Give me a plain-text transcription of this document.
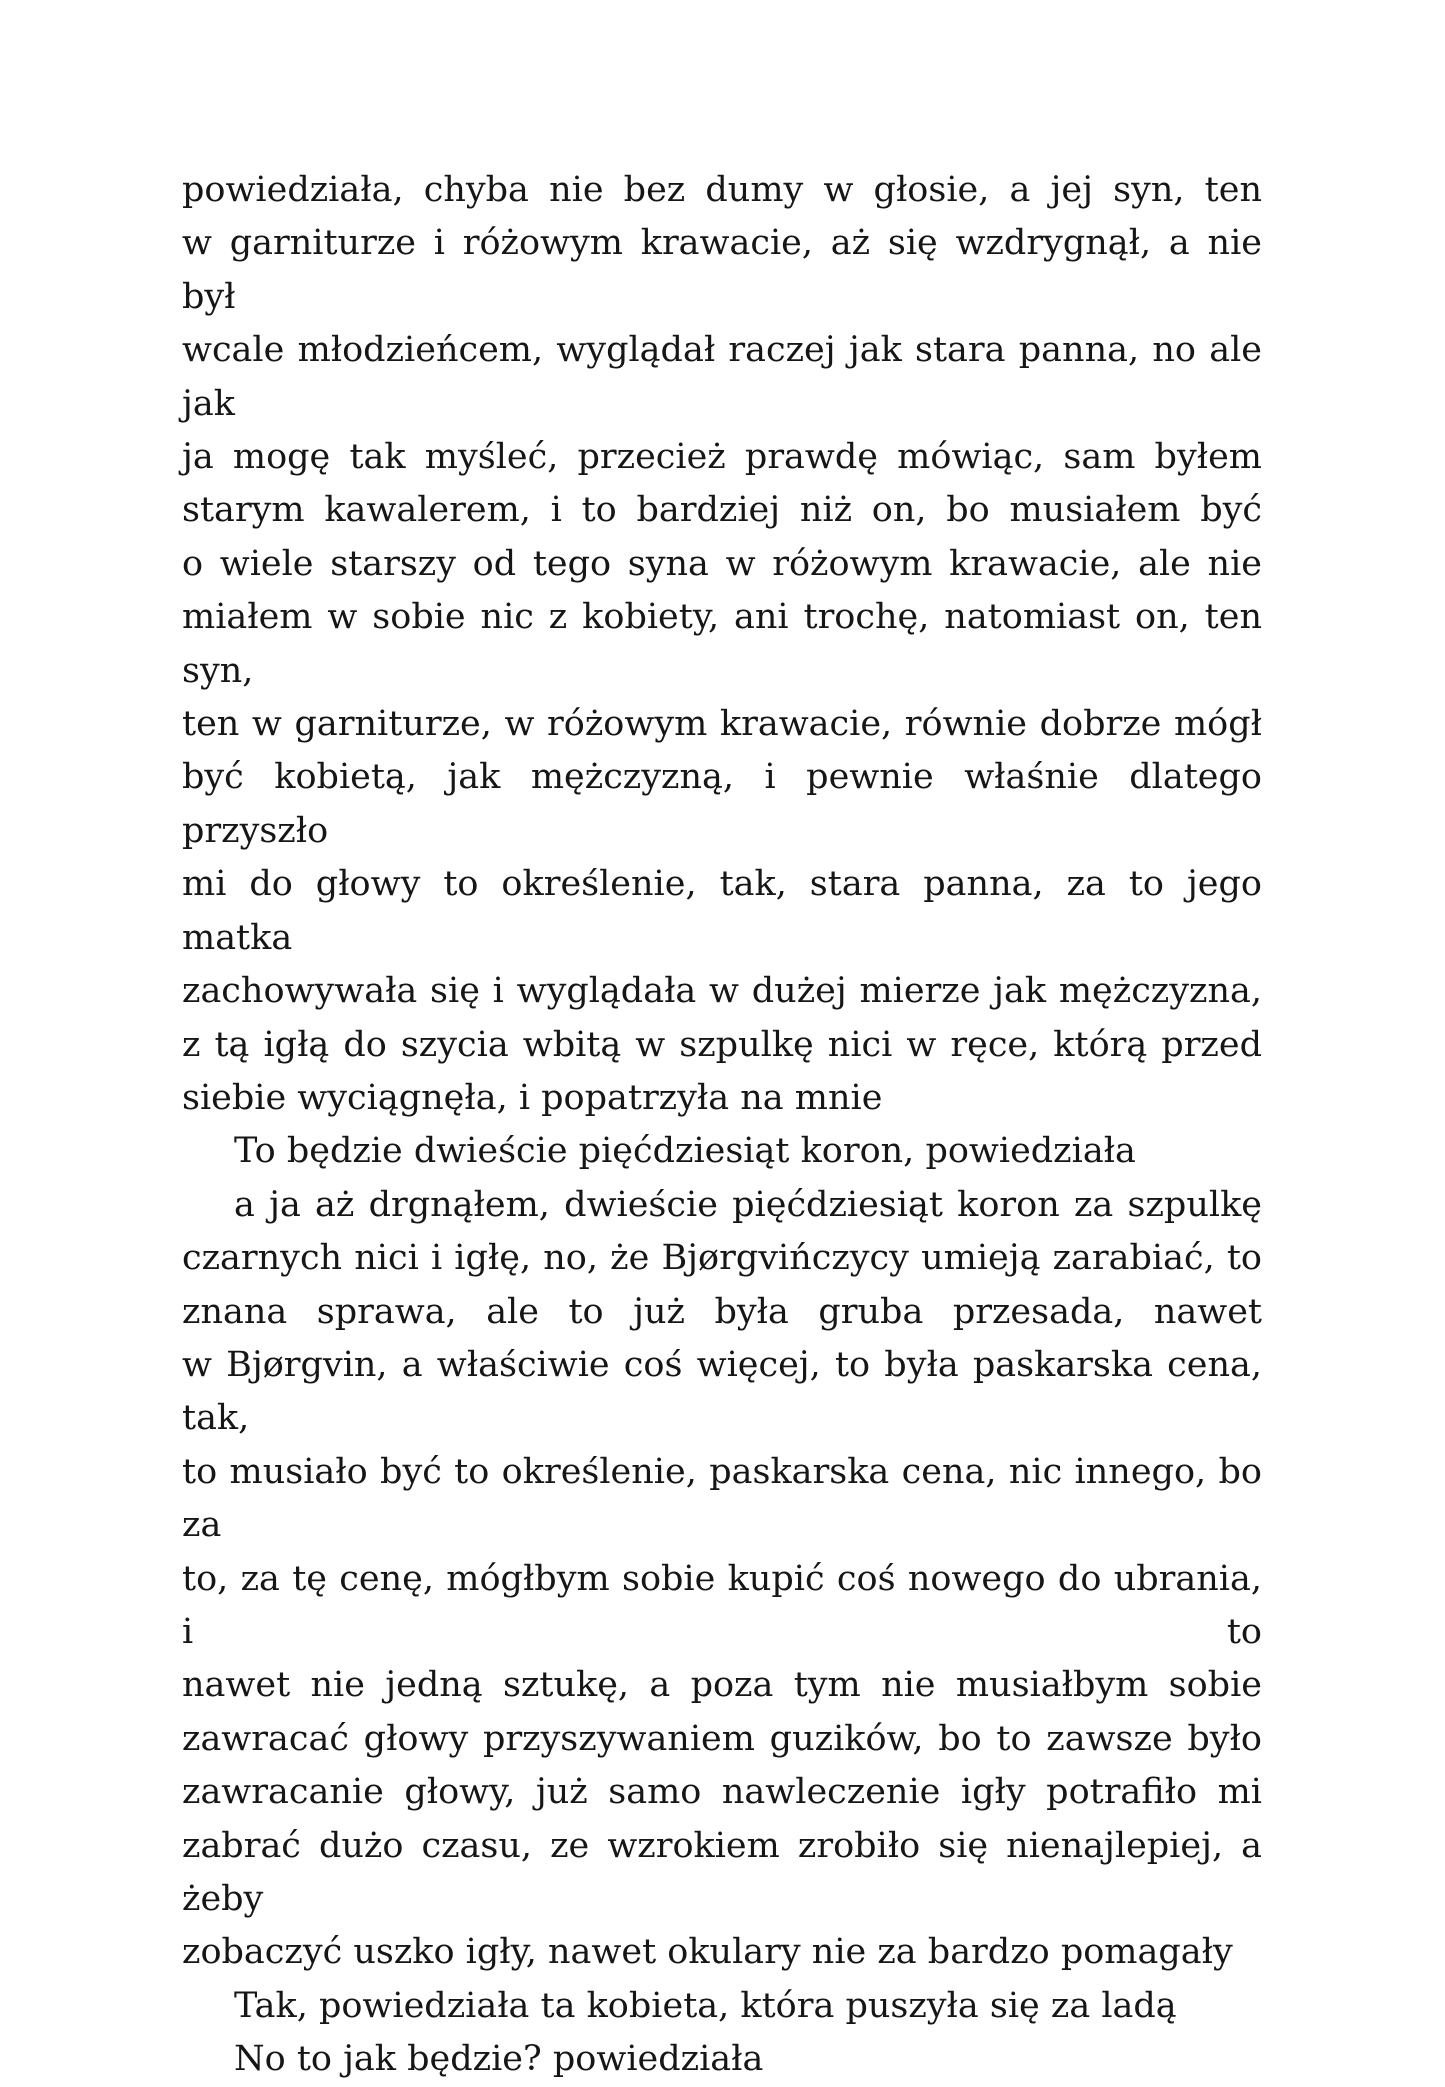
powiedziała, chyba nie bez dumy w głosie, a jej syn, ten
w garniturze i różowym krawacie, aż się wzdrygnął, a nie był
wcale młodzieńcem, wyglądał raczej jak stara panna, no ale jak
ja mogę tak myśleć, przecież prawdę mówiąc, sam byłem
starym kawalerem, i to bardziej niż on, bo musiałem być
o wiele starszy od tego syna w różowym krawacie, ale nie
miałem w sobie nic z kobiety, ani trochę, natomiast on, ten syn,
ten w garniturze, w różowym krawacie, równie dobrze mógł
być kobietą, jak mężczyzną, i pewnie właśnie dlatego przyszło
mi do głowy to określenie, tak, stara panna, za to jego matka
zachowywała się i wyglądała w dużej mierze jak mężczyzna,
z tą igłą do szycia wbitą w szpulkę nici w ręce, którą przed
siebie wyciągnęła, i popatrzyła na mnie
To będzie dwieście pięćdziesiąt koron, powiedziała
a ja aż drgnąłem, dwieście pięćdziesiąt koron za szpulkę
czarnych nici i igłę, no, że Bjørgvińczycy umieją zarabiać, to
znana sprawa, ale to już była gruba przesada, nawet
w Bjørgvin, a właściwie coś więcej, to była paskarska cena, tak,
to musiało być to określenie, paskarska cena, nic innego, bo za
to, za tę cenę, mógłbym sobie kupić coś nowego do ubrania, i to
nawet nie jedną sztukę, a poza tym nie musiałbym sobie
zawracać głowy przyszywaniem guzików, bo to zawsze było
zawracanie głowy, już samo nawleczenie igły potrafiło mi
zabrać dużo czasu, ze wzrokiem zrobiło się nienajlepiej, a żeby
zobaczyć uszko igły, nawet okulary nie za bardzo pomagały
Tak, powiedziała ta kobieta, która puszyła się za ladą
No to jak będzie? powiedziała
